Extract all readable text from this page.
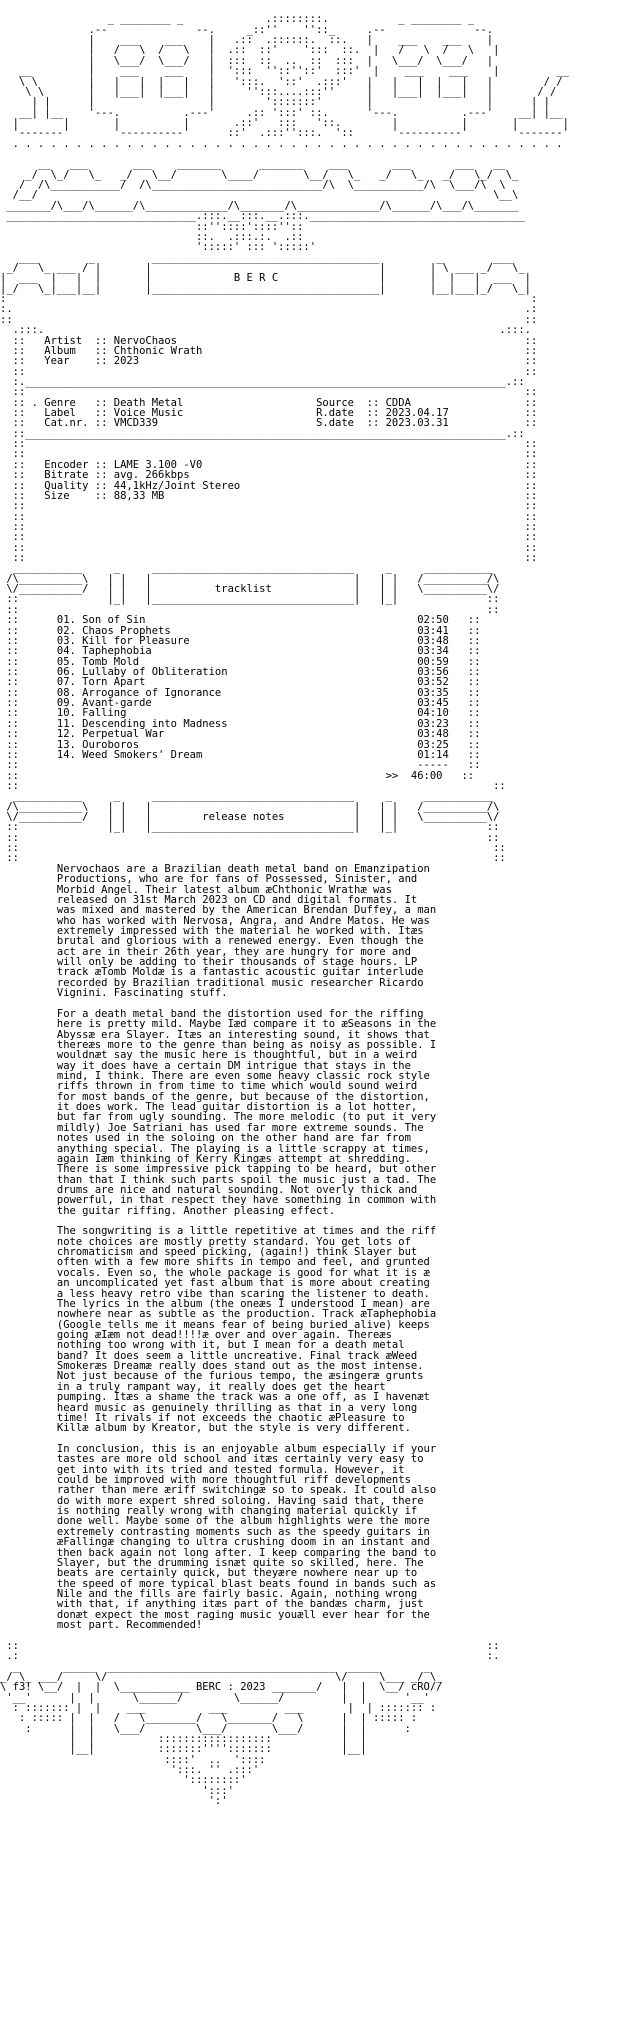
_ ________ _             .::::::::.           _ ________ _
.--              --.     _::''    ''::_     .--              --.
|    ___    ___    |   .::  .::::::.  ::.   |    ___    ___    |
|   /   \  /   \   |  .::  ::'    ':::  ::.  |   /   \  /   \   |
|   \___/  \___/   |  :::  ::  ..  ::  :::  |   \___/  \___/   |
__         |    ___    ___    |  ':::  ''::''::'  :::'  |    ___    ___    |         __
\ \        |   |   |  |   |   |   ':::.  '::'  .:::'   |   |   |  |   |   |        / /
\ \       |   |___|  |___|   |     '':::....:::''     |   |___|  |___|   |       / /
| |      |                  |        ':::::::'       |                  |      | |
__| |__    '---.          .---'     .:: ':::' ::.      '---.          .---'    __| |__
|       |       |          |       .::'   :::   '::.        |          |       |       |
'-------'       '----------'      ::'  .:::'':::.  '::      '----------'       '-------'
. . . . . . . . . . . . . . . . . . . . . . . . . . . . . . . . . . . . . . . . . . . .

__   ___       ___    _______      _______    ___       ___       ___   __
_/  \_/   \_   _/   \__/       \____/       \__/   \_   _/   \_   _/   \_/  \_
/  /\___________/  /\___________________________/\  \___________/\  \___/\  \
/__/                                                                        \__\
_______/\___/\______/\_____________/\_______/\_____________/\______/\___/\_______
______________________________.:::.__:::.__.:::.__________________________________
::''::::'::::''::
::.  .:::.:.  .::
':::::' ::: ':::::'
___        _         ____________________________________         _        ___
_/   \_ ___ / |       |                                    |       | \ ___ _/   \_
|  ___  |   |  |       |             B E R C                |       |  |   |  ___  |
|_/   \_|___|__|       |____________________________________|       |__|___|_/   \_|
:                                                                                   :
:.                                                                                 .:
::                                                                                 ::
.:::.                                                                        .:::.
::   Artist  :: NervoChaos                                                       ::
::   Album   :: Chthonic Wrath                                                   ::
::   Year    :: 2023                                                             ::
::                                                                               ::
:.____________________________________________________________________________.::
::                                                                               ::
:: . Genre   :: Death Metal                     Source  :: CDDA                  ::
::   Label   :: Voice Music                     R.date  :: 2023.04.17            ::
::   Cat.nr. :: VMCD339                         S.date  :: 2023.03.31            ::
::____________________________________________________________________________.::
::                                                                               ::
::                                                                               ::
::   Encoder :: LAME 3.100 -V0                                                   ::
::   Bitrate :: avg. 266kbps                                                     ::
::   Quality :: 44,1kHz/Joint Stereo                                             ::
::   Size    :: 88,33 MB                                                         ::
::                                                                               ::
::                                                                               ::
::                                                                               ::
::                                                                               ::
::                                                                               ::
::                                                                               ::
___________     _     ________________________________     _     ___________
/\__________\   | |   |                                |   | |   /__________/\
\/__________/   | |   |          tracklist             |   | |   \__________\/
::              |_|   |________________________________|   |_|              ::
::                                                                          ::
::      01. Son of Sin                                           02:50   ::
::      02. Chaos Prophets                                       03:41   ::
::      03. Kill for Pleasure                                    03:48   ::
::      04. Taphephobia                                          03:34   ::
::      05. Tomb Mold                                            00:59   ::
::      06. Lullaby of Obliteration                              03:56   ::
::      07. Torn Apart                                           03:52   ::
::      08. Arrogance of Ignorance                               03:35   ::
::      09. Avant-garde                                          03:45   ::
::      10. Falling                                              04:10   ::
::      11. Descending into Madness                              03:23   ::
::      12. Perpetual War                                        03:48   ::
::      13. Ouroboros                                            03:25   ::
::      14. Weed Smokers' Dream                                  01:14   ::
::                                                               -----   ::
::                                                          >>  46:00   ::
::                                                                           ::
___________     _     ________________________________     _     ___________
/\__________\   | |   |                                |   | |   /__________/\
\/__________/   | |   |        release notes           |   | |   \__________\/
::              |_|   |________________________________|   |_|              ::
::                                                                          ::
::                                                                           ::
::                                                                           ::
Nervochaos are a Brazilian death metal band on Emanzipation
Productions, who are for fans of Possessed, Sinister, and
Morbid Angel. Their latest album æChthonic Wrathæ was
released on 31st March 2023 on CD and digital formats. It
was mixed and mastered by the American Brendan Duffey, a man
who has worked with Nervosa, Angra, and Andre Matos. He was
extremely impressed with the material he worked with. Itæs
brutal and glorious with a renewed energy. Even though the
act are in their 26th year, they are hungry for more and
will only be adding to their thousands of stage hours. LP
track æTomb Moldæ is a fantastic acoustic guitar interlude
recorded by Brazilian traditional music researcher Ricardo
Vignini. Fascinating stuff.

For a death metal band the distortion used for the riffing
here is pretty mild. Maybe Iæd compare it to æSeasons in the
Abyssæ era Slayer. Itæs an interesting sound, it shows that
thereæs more to the genre than being as noisy as possible. I
wouldnæt say the music here is thoughtful, but in a weird
way it does have a certain DM intrigue that stays in the
mind, I think. There are even some heavy classic rock style
riffs thrown in from time to time which would sound weird
for most bands of the genre, but because of the distortion,
it does work. The lead guitar distortion is a lot hotter,
but far from ugly sounding. The more melodic (to put it very
mildly) Joe Satriani has used far more extreme sounds. The
notes used in the soloing on the other hand are far from
anything special. The playing is a little scrappy at times,
again Iæm thinking of Kerry Kingæs attempt at shredding.
There is some impressive pick tapping to be heard, but other
than that I think such parts spoil the music just a tad. The
drums are nice and natural sounding. Not overly thick and
powerful, in that respect they have something in common with
the guitar riffing. Another pleasing effect.

The songwriting is a little repetitive at times and the riff
note choices are mostly pretty standard. You get lots of
chromaticism and speed picking, (again!) think Slayer but
often with a few more shifts in tempo and feel, and grunted
vocals. Even so, the whole package is good for what it is æ
an uncomplicated yet fast album that is more about creating
a less heavy retro vibe than scaring the listener to death.
The lyrics in the album (the oneæs I understood I mean) are
nowhere near as subtle as the production. Track æTaphephobia
(Google tells me it means fear of being buried alive) keeps
going æIæm not dead!!!!æ over and over again. Thereæs
nothing too wrong with it, but I mean for a death metal
band? It does seem a little uncreative. Final track æWeed
Smokeræs Dreamæ really does stand out as the most intense.
Not just because of the furious tempo, the æsingeræ grunts
in a truly rampant way, it really does get the heart
pumping. Itæs a shame the track was a one off, as I havenæt
heard music as genuinely thrilling as that in a very long
time! It rivals if not exceeds the chaotic æPleasure to
Killæ album by Kreator, but the style is very different.

In conclusion, this is an enjoyable album especially if your
tastes are more old school and itæs certainly very easy to
get into with its tried and tested formula. However, it
could be improved with more thoughtful riff developments
rather than mere æriff switchingæ so to speak. It could also
do with more expert shred soloing. Having said that, there
is nothing really wrong with changing material quickly if
done well. Maybe some of the album highlights were the more
extremely contrasting moments such as the speedy guitars in
æFallingæ changing to ultra crushing doom in an instant and
then back again not long after. I keep comparing the band to
Slayer, but the drumming isnæt quite so skilled, here. The
beats are certainly quick, but theyære nowhere near up to
the speed of more typical blast beats found in bands such as
Nile and the fills are fairly basic. Again, nothing wrong
with that, if anything itæs part of the bandæs charm, just
donæt expect the most raging music youæll ever hear for the
most part. Recommended!

::                                                                          ::
.:                                                                          :.
_       _____  ____________________________________  _____       _
_/ \_ ___/     \/                                    \/     \___ _/ \_
\ f3! \__/  |  |  \___________ BERC : 2023 _______/   |  |  \__/ cRO//
'__'      |  |      \______/        \______/         |  |      '__'
: ::::::: |  |    ___          ___         ___       |  | ::::::: :
: ::::: |  |   /   \________/   \_______/   \      |  | ::::: :
:      |  |   \___/        \___/       \___/      |  |      :
|  |          ::::::::::::::::::           |  |
|__|          :::::::'''':::::::           |__|
::::'  ..  '::::
':::. '' .:::'
'::::::::'
':::'
':'
